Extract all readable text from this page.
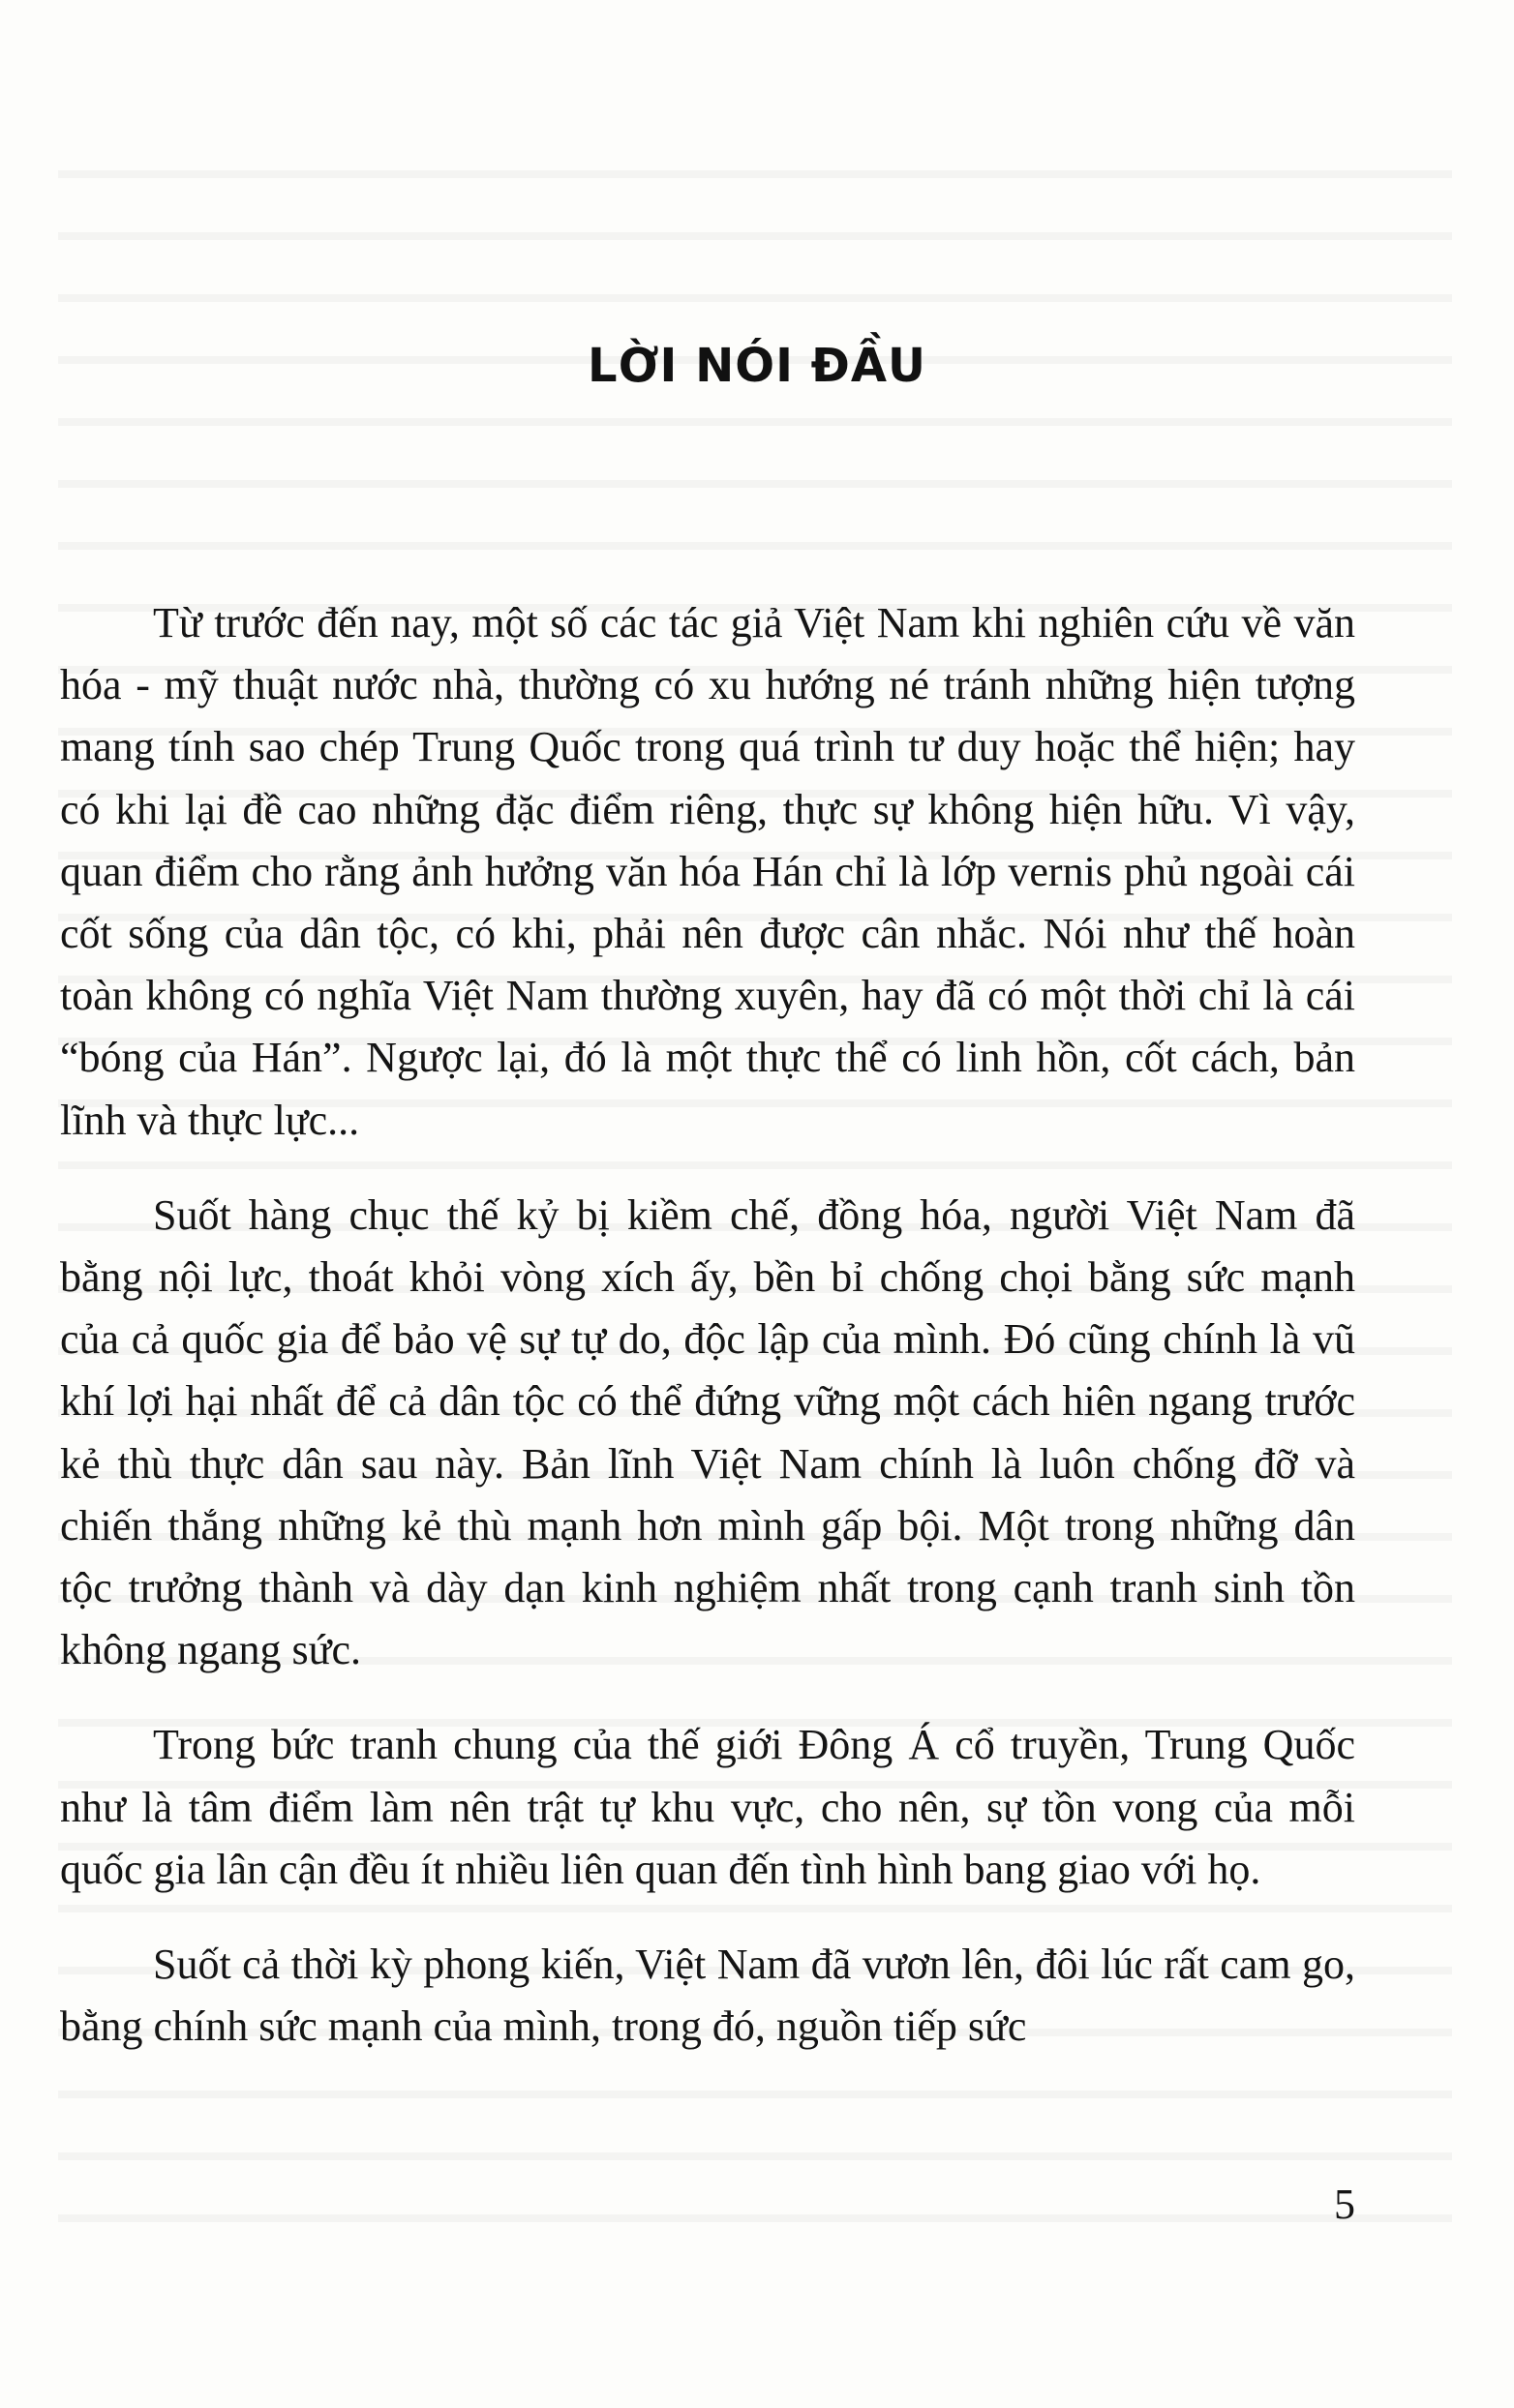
LỜI NÓI ĐẦU

Từ trước đến nay, một số các tác giả Việt Nam khi nghiên cứu về văn hóa - mỹ thuật nước nhà, thường có xu hướng né tránh những hiện tượng mang tính sao chép Trung Quốc trong quá trình tư duy hoặc thể hiện; hay có khi lại đề cao những đặc điểm riêng, thực sự không hiện hữu. Vì vậy, quan điểm cho rằng ảnh hưởng văn hóa Hán chỉ là lớp vernis phủ ngoài cái cốt sống của dân tộc, có khi, phải nên được cân nhắc. Nói như thế hoàn toàn không có nghĩa Việt Nam thường xuyên, hay đã có một thời chỉ là cái “bóng của Hán”. Ngược lại, đó là một thực thể có linh hồn, cốt cách, bản lĩnh và thực lực...

Suốt hàng chục thế kỷ bị kiềm chế, đồng hóa, người Việt Nam đã bằng nội lực, thoát khỏi vòng xích ấy, bền bỉ chống chọi bằng sức mạnh của cả quốc gia để bảo vệ sự tự do, độc lập của mình. Đó cũng chính là vũ khí lợi hại nhất để cả dân tộc có thể đứng vững một cách hiên ngang trước kẻ thù thực dân sau này. Bản lĩnh Việt Nam chính là luôn chống đỡ và chiến thắng những kẻ thù mạnh hơn mình gấp bội. Một trong những dân tộc trưởng thành và dày dạn kinh nghiệm nhất trong cạnh tranh sinh tồn không ngang sức.

Trong bức tranh chung của thế giới Đông Á cổ truyền, Trung Quốc như là tâm điểm làm nên trật tự khu vực, cho nên, sự tồn vong của mỗi quốc gia lân cận đều ít nhiều liên quan đến tình hình bang giao với họ.

Suốt cả thời kỳ phong kiến, Việt Nam đã vươn lên, đôi lúc rất cam go, bằng chính sức mạnh của mình, trong đó, nguồn tiếp sức

5
